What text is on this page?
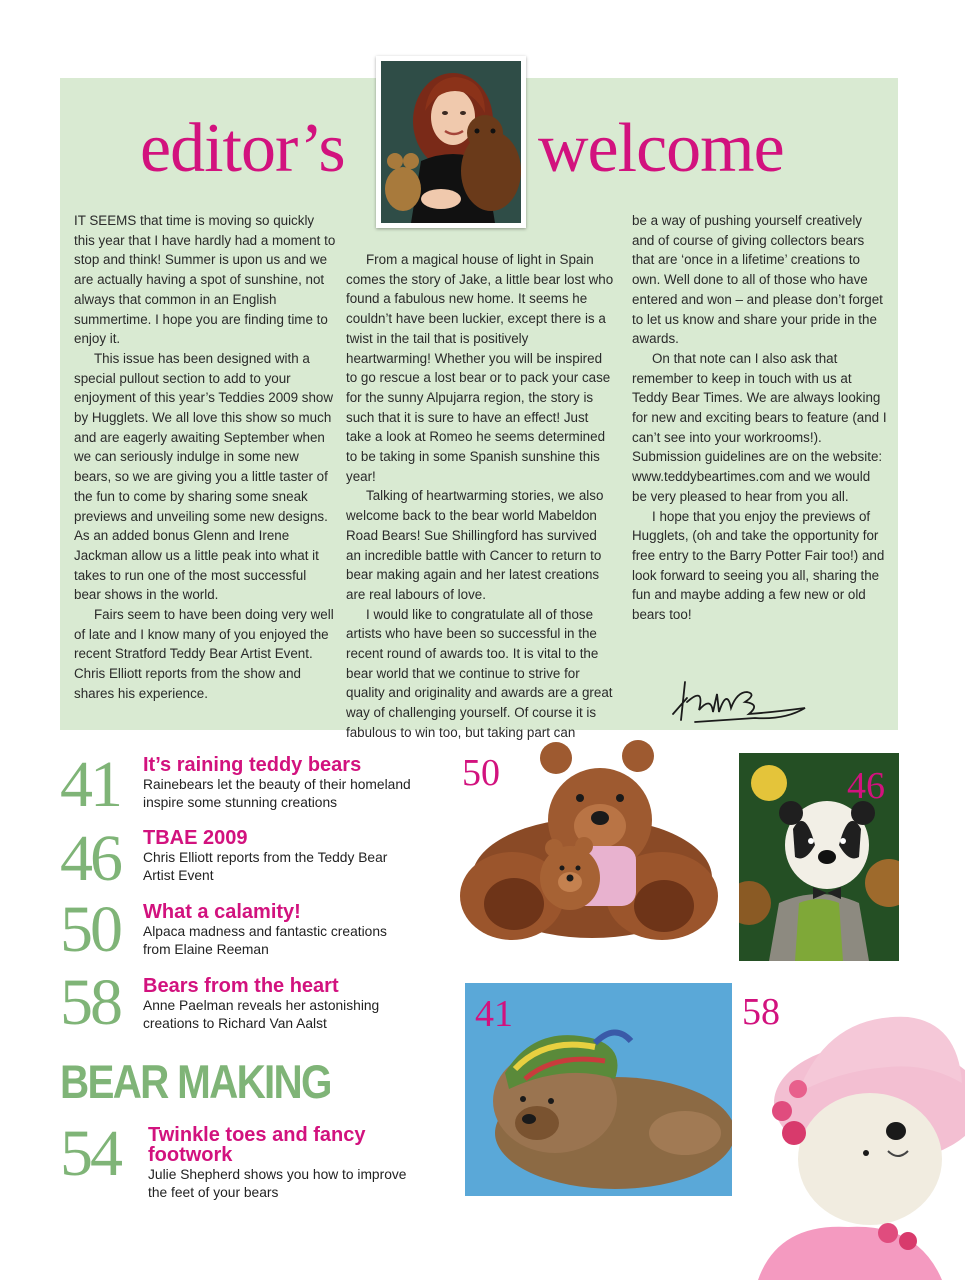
editor’s	welcome

IT SEEMS that time is moving so quickly this year that I have hardly had a moment to stop and think! Summer is upon us and we are actually having a spot of sunshine, not always that common in an English summertime. I hope you are finding time to enjoy it.

This issue has been designed with a special pullout section to add to your enjoyment of this year’s Teddies 2009 show by Hugglets. We all love this show so much and are eagerly awaiting September when we can seriously indulge in some new bears, so we are giving you a little taster of the fun to come by sharing some sneak previews and unveiling some new designs. As an added bonus Glenn and Irene Jackman allow us a little peak into what it takes to run one of the most successful bear shows in the world.

Fairs seem to have been doing very well of late and I know many of you enjoyed the recent Stratford Teddy Bear Artist Event. Chris Elliott reports from the show and shares his experience.

From a magical house of light in Spain comes the story of Jake, a little bear lost who found a fabulous new home. It seems he couldn’t have been luckier, except there is a twist in the tail that is positively heartwarming! Whether you will be inspired to go rescue a lost bear or to pack your case for the sunny Alpujarra region, the story is such that it is sure to have an effect! Just take a look at Romeo he seems determined to be taking in some Spanish sunshine this year!

Talking of heartwarming stories, we also welcome back to the bear world Mabeldon Road Bears! Sue Shillingford has survived an incredible battle with Cancer to return to bear making again and her latest creations are real labours of love.

I would like to congratulate all of those artists who have been so successful in the recent round of awards too. It is vital to the bear world that we continue to strive for quality and originality and awards are a great way of challenging yourself. Of course it is fabulous to win too, but taking part can

be a way of pushing yourself creatively and of course of giving collectors bears that are ‘once in a lifetime’ creations to own. Well done to all of those who have entered and won – and please don’t forget to let us know and share your pride in the awards.

On that note can I also ask that remember to keep in touch with us at Teddy Bear Times. We are always looking for new and exciting bears to feature (and I can’t see into your workrooms!). Submission guidelines are on the website: www.teddybeartimes.com and we would be very pleased to hear from you all.

I hope that you enjoy the previews of Hugglets, (oh and take the opportunity for free entry to the Barry Potter Fair too!) and look forward to seeing you all, sharing the fun and maybe adding a few new or old bears too!

41 It’s raining teddy bears
Rainebears let the beauty of their homeland
inspire some stunning creations
46 TBAE 2009
Chris Elliott reports from the Teddy Bear
Artist Event
50 What a calamity!
Alpaca madness and fantastic creations
from Elaine Reeman
58 Bears from the heart
Anne Paelman reveals her astonishing
creations to Richard Van Aalst
BEAR MAKING
54 Twinkle toes and fancy
footwork
Julie Shepherd shows you how to improve
the feet of your bears
50	46
41	58
